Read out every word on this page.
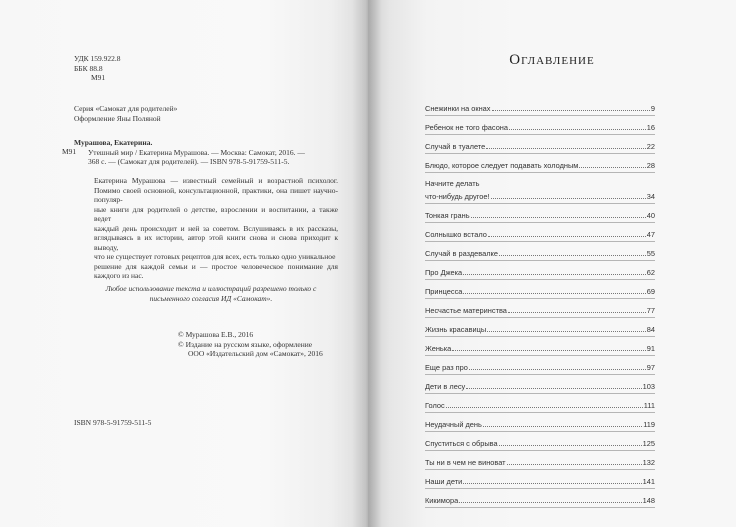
УДК 159.922.8
ББК 88.8
М91
Серия «Самокат для родителей»
Оформление Яны Поляной
Мурашова, Екатерина.
М91	Утешный мир / Екатерина Мурашова. — Москва: Самокат, 2016. —
368 с. — (Самокат для родителей). — ISBN 978-5-91759-511-5.
Екатерина Мурашова — известный семейный и возрастной психолог. Помимо своей основной, консультационной, практики, она пишет научно-популяр-
ные книги для родителей о детстве, взрослении и воспитании, а также ведет
каждый день происходит и ней за советом. Вслушиваясь в их рассказы, вглядываясь в их истории, автор этой книги снова и снова приходит к выводу,
что не существует готовых рецептов для всех, есть только одно уникальное
решение для каждой семьи и — простое человеческое понимание для каждого из нас.
Любое использование текста и иллюстраций разрешено только с письменного согласия ИД «Самокат».
© Мурашова Е.В., 2016
© Издание на русском языке, оформление
ООО «Издательский дом «Самокат», 2016
ISBN 978-5-91759-511-5
Оглавление
Снежинки на окнах	9
Ребенок не того фасона	16
Случай в туалете	22
Блюдо, которое следует подавать холодным	28
Начните делать
что-нибудь другое!	34
Тонкая грань	40
Солнышко встало	47
Случай в раздевалке	55
Про Джека	62
Принцесса	69
Несчастье материнства	77
Жизнь красавицы	84
Женька	91
Еще раз про	97
Дети в лесу	103
Голос	111
Неудачный день	119
Спуститься с обрыва	125
Ты ни в чем не виноват	132
Наши дети	141
Кикимора	148
